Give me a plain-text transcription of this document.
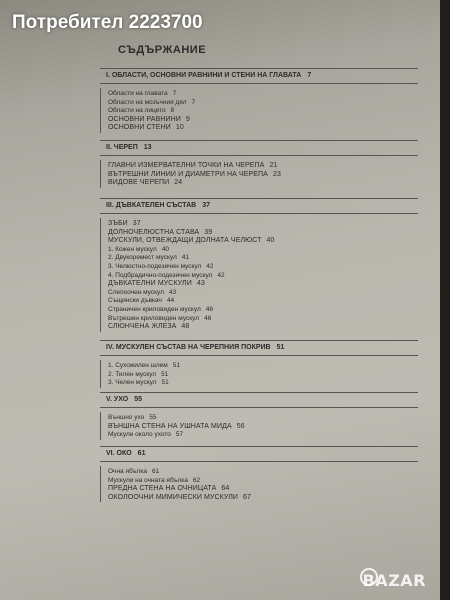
Потребител 2223700
СЪДЪРЖАНИЕ
I. ОБЛАСТИ, ОСНОВНИ РАВНИНИ И СТЕНИ НА ГЛАВАТА 7
Области на главата 7
Области на мозъчния дял 7
Области на лицето 8
ОСНОВНИ РАВНИНИ 9
ОСНОВНИ СТЕНИ 10
II. ЧЕРЕП 13
ГЛАВНИ ИЗМЕРВАТЕЛНИ ТОЧКИ НА ЧЕРЕПА 21
ВЪТРЕШНИ ЛИНИИ И ДИАМЕТРИ НА ЧЕРЕПА 23
ВИДОВЕ ЧЕРЕПИ 24
III. ДЪВКАТЕЛЕН СЪСТАВ 37
ЗЪБИ 37
ДОЛНОЧЕЛЮСТНА СТАВА 39
МУСКУЛИ, ОТВЕЖДАЩИ ДОЛНАТА ЧЕЛЮСТ 40
1. Кожен мускул 40
2. Двукоремест мускул 41
3. Челюстно-подезичен мускул 42
4. Подбрадично-подезичен мускул 42
ДЪВКАТЕЛНИ МУСКУЛИ 43
Слепоочен мускул 43
Същински дъвкач 44
Страничен криловиден мускул 46
Вътрешен криловиден мускул 46
СЛЮНЧЕНА ЖЛЕЗА 48
IV. МУСКУЛЕН СЪСТАВ НА ЧЕРЕПНИЯ ПОКРИВ 51
1. Сухожилен шлем 51
2. Тилен мускул 51
3. Челен мускул 51
V. УХО 55
Външно ухо 55
ВЪНШНА СТЕНА НА УШНАТА МИДА 56
Мускули около ухото 57
VI. ОКО 61
Очна ябълка 61
Мускули на очната ябълка 62
ПРЕДНА СТЕНА НА ОЧНИЦАТА 64
ОКОЛООЧНИ МИМИЧЕСКИ МУСКУЛИ 67
BAZAR
